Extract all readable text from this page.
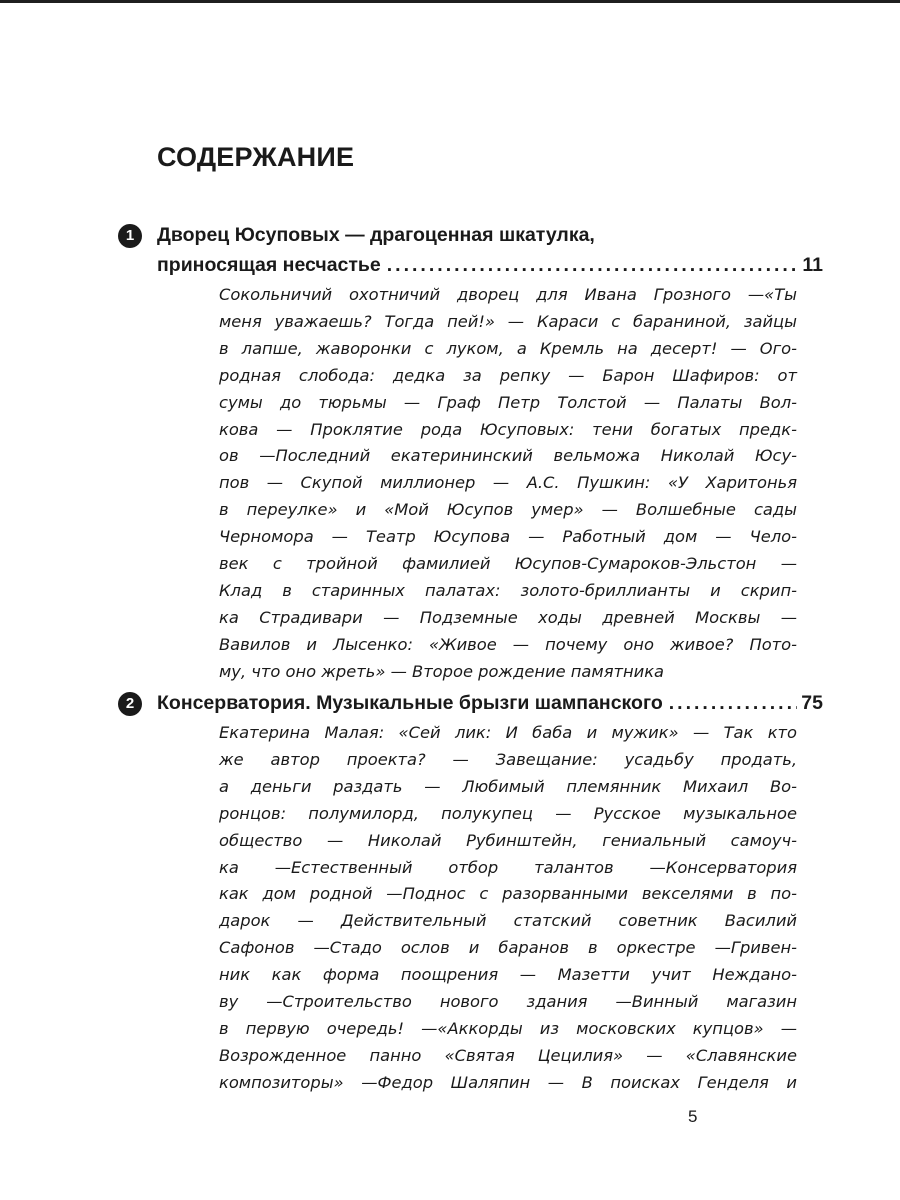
СОДЕРЖАНИЕ
1	Дворец Юсуповых — драгоценная шкатулка,
приносящая несчастье .....	11
Сокольничий охотничий дворец для Ивана Грозного —«Ты
меня уважаешь? Тогда пей!» — Караси с бараниной, зайцы
в лапше, жаворонки с луком, а Кремль на десерт! — Ого-
родная слобода: дедка за репку — Барон Шафиров: от
сумы до тюрьмы — Граф Петр Толстой — Палаты Вол-
кова — Проклятие рода Юсуповых: тени богатых предк-
ов —Последний екатерининский вельможа Николай Юсу-
пов — Скупой миллионер — А.С. Пушкин: «У Харитонья
в переулке» и «Мой Юсупов умер» — Волшебные сады
Черномора — Театр Юсупова — Работный дом — Чело-
век с тройной фамилией Юсупов-Сумароков-Эльстон —
Клад в старинных палатах: золото-бриллианты и скрип-
ка Страдивари — Подземные ходы древней Москвы —
Вавилов и Лысенко: «Живое — почему оно живое? Пото-
му, что оно жреть» — Второе рождение памятника
2	Консерватория. Музыкальные брызги шампанского .....	75
Екатерина Малая: «Сей лик: И баба и мужик» — Так кто
же автор проекта? — Завещание: усадьбу продать,
а деньги раздать — Любимый племянник Михаил Во-
ронцов: полумилорд, полукупец — Русское музыкальное
общество — Николай Рубинштейн, гениальный самоуч-
ка —Естественный отбор талантов —Консерватория
как дом родной —Поднос с разорванными векселями в по-
дарок — Действительный статский советник Василий
Сафонов —Стадо ослов и баранов в оркестре —Гривен-
ник как форма поощрения — Мазетти учит Нежданo-
ву —Строительство нового здания —Винный магазин
в первую очередь! —«Аккорды из московских купцов» —
Возрожденное панно «Святая Цецилия» — «Славянские
композиторы» —Федор Шаляпин — В поисках Генделя и
5
